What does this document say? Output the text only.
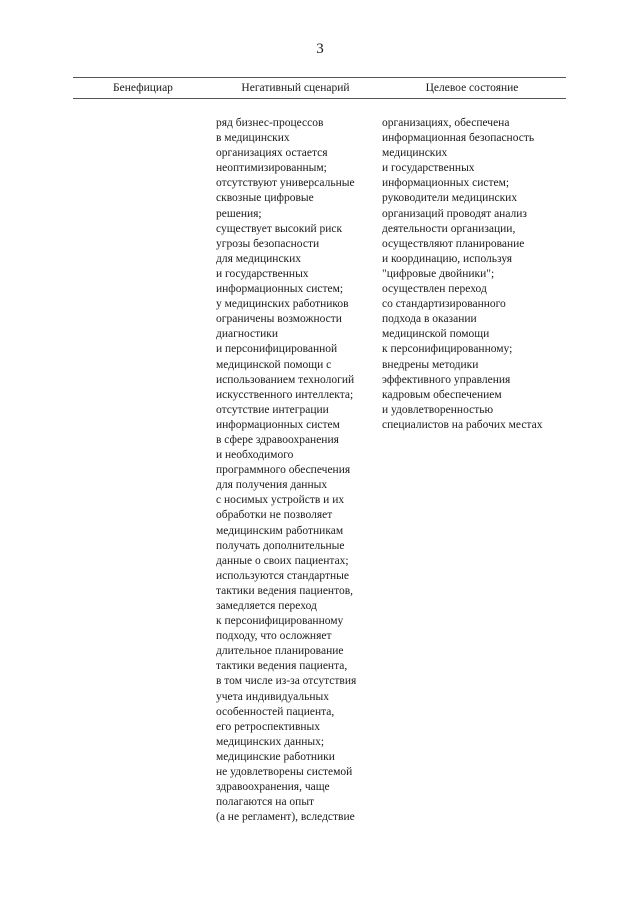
3
Бенефициар	Негативный сценарий	Целевое состояние
ряд бизнес-процессов
в медицинских
организациях остается
неоптимизированным;
отсутствуют универсальные
сквозные цифровые
решения;
существует высокий риск
угрозы безопасности
для медицинских
и государственных
информационных систем;
у медицинских работников
ограничены возможности
диагностики
и персонифицированной
медицинской помощи с
использованием технологий
искусственного интеллекта;
отсутствие интеграции
информационных систем
в сфере здравоохранения
и необходимого
программного обеспечения
для получения данных
с носимых устройств и их
обработки не позволяет
медицинским работникам
получать дополнительные
данные о своих пациентах;
используются стандартные
тактики ведения пациентов,
замедляется переход
к персонифицированному
подходу, что осложняет
длительное планирование
тактики ведения пациента,
в том числе из-за отсутствия
учета индивидуальных
особенностей пациента,
его ретроспективных
медицинских данных;
медицинские работники
не удовлетворены системой
здравоохранения, чаще
полагаются на опыт
(а не регламент), вследствие
организациях, обеспечена
информационная безопасность
медицинских
и государственных
информационных систем;
руководители медицинских
организаций проводят анализ
деятельности организации,
осуществляют планирование
и координацию, используя
"цифровые двойники";
осуществлен переход
со стандартизированного
подхода в оказании
медицинской помощи
к персонифицированному;
внедрены методики
эффективного управления
кадровым обеспечением
и удовлетворенностью
специалистов на рабочих местах
